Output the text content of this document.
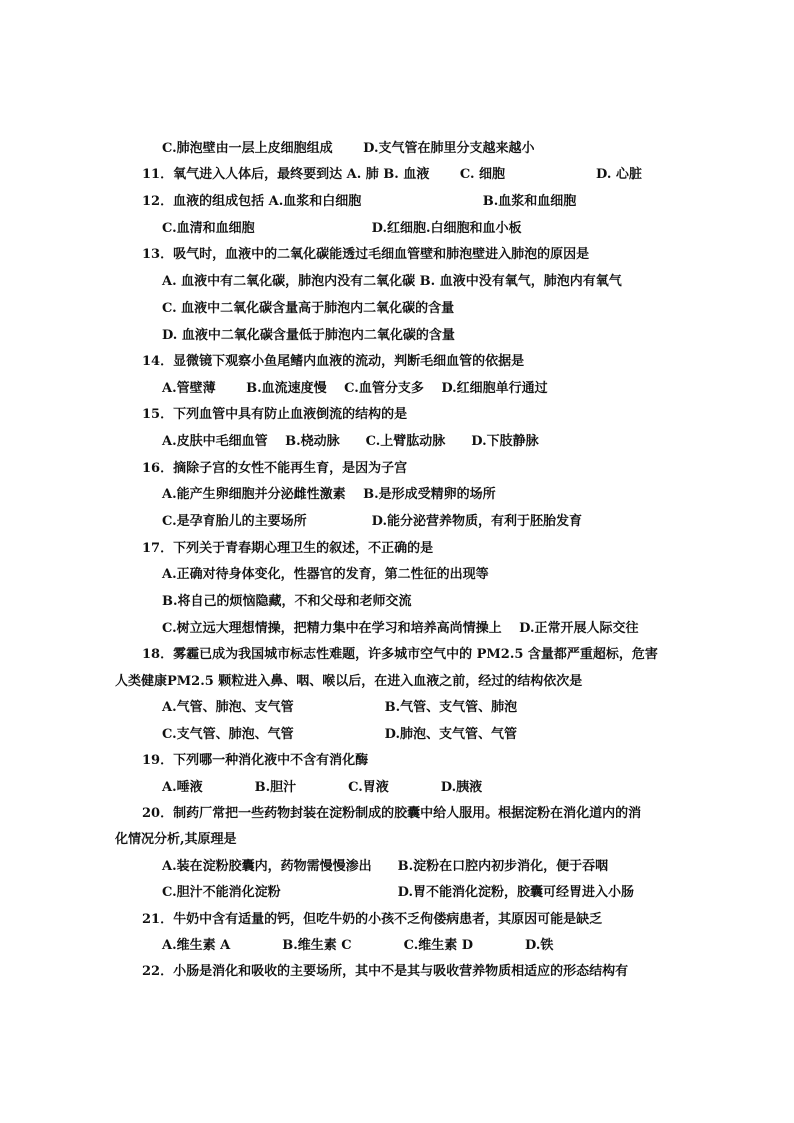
C.肺泡壁由一层上皮细胞组成　　 D.支气管在肺里分支越来越小
11．氧气进入人体后，最终要到达 A. 肺 B. 血液　　 C. 细胞　　　　　　　D. 心脏
12．血液的组成包括 A.血浆和白细胞　　　　　　　　　 B.血浆和血细胞
C.血清和血细胞　　　　　　　　　D.红细胞.白细胞和血小板
13．吸气时，血液中的二氧化碳能透过毛细血管壁和肺泡壁进入肺泡的原因是
A. 血液中有二氧化碳，肺泡内没有二氧化碳 B. 血液中没有氧气，肺泡内有氧气
C. 血液中二氧化碳含量高于肺泡内二氧化碳的含量
D. 血液中二氧化碳含量低于肺泡内二氧化碳的含量
14．显微镜下观察小鱼尾鳍内血液的流动，判断毛细血管的依据是
A.管壁薄　　 B.血流速度慢　 C.血管分支多　 D.红细胞单行通过
15．下列血管中具有防止血液倒流的结构的是
A.皮肤中毛细血管　 B.桡动脉　　C.上臂肱动脉　　D.下肢静脉
16．摘除子宫的女性不能再生育，是因为子宫
A.能产生卵细胞并分泌雌性激素　 B.是形成受精卵的场所
C.是孕育胎儿的主要场所　　　　　D.能分泌营养物质，有利于胚胎发育
17．下列关于青春期心理卫生的叙述，不正确的是
A.正确对待身体变化，性器官的发育，第二性征的出现等
B.将自己的烦恼隐藏，不和父母和老师交流
C.树立远大理想情操，把精力集中在学习和培养高尚情操上　 D.正常开展人际交往
18．雾霾已成为我国城市标志性难题，许多城市空气中的 PM2.5 含量都严重超标，危害
人类健康PM2.5 颗粒进入鼻、咽、喉以后，在进入血液之前，经过的结构依次是
A.气管、肺泡、支气管　　　　　　　B.气管、支气管、肺泡
C.支气管、肺泡、气管　　　　　　　D.肺泡、支气管、气管
19．下列哪一种消化液中不含有消化酶
A.唾液　　　　B.胆汁　　　　C.胃液　　　　D.胰液
20．制药厂常把一些药物封装在淀粉制成的胶囊中给人服用。根据淀粉在消化道内的消
化情况分析,其原理是
A.装在淀粉胶囊内，药物需慢慢渗出　　B.淀粉在口腔内初步消化，便于吞咽
C.胆汁不能消化淀粉　　　　　　　　　D.胃不能消化淀粉，胶囊可经胃进入小肠
21．牛奶中含有适量的钙，但吃牛奶的小孩不乏佝偻病患者，其原因可能是缺乏
A.维生素 A　　　　B.维生素 C　　　　C.维生素 D　　　　D.铁
22．小肠是消化和吸收的主要场所，其中不是其与吸收营养物质相适应的形态结构有
